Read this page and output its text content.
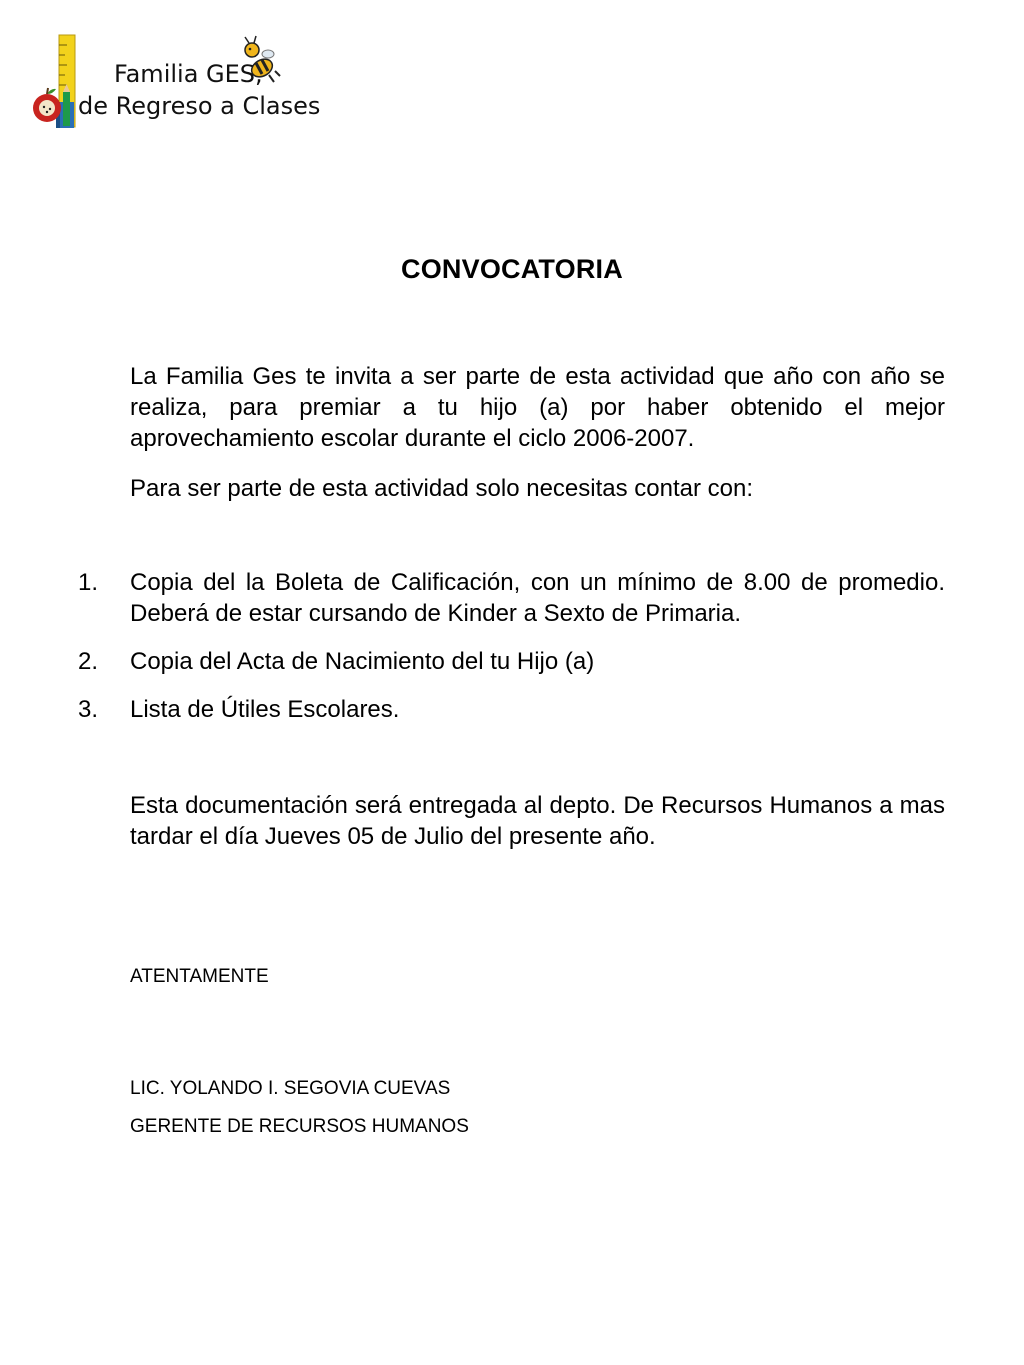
Familia GES,
de Regreso a Clases
CONVOCATORIA
La Familia Ges te invita a ser parte de esta actividad que año con año se realiza, para premiar a tu hijo (a) por haber obtenido el mejor aprovechamiento escolar durante el ciclo 2006-2007.
Para ser parte de esta actividad solo necesitas contar con:
1.	Copia del la Boleta de Calificación, con un mínimo de 8.00 de promedio. Deberá de estar cursando de Kinder a Sexto de Primaria.
2.	Copia del Acta de Nacimiento del tu Hijo (a)
3.	Lista de Útiles Escolares.
Esta documentación será entregada al depto. De Recursos Humanos a mas tardar el día Jueves 05 de Julio del presente año.
ATENTAMENTE
LIC. YOLANDO I. SEGOVIA CUEVAS
GERENTE DE RECURSOS HUMANOS
